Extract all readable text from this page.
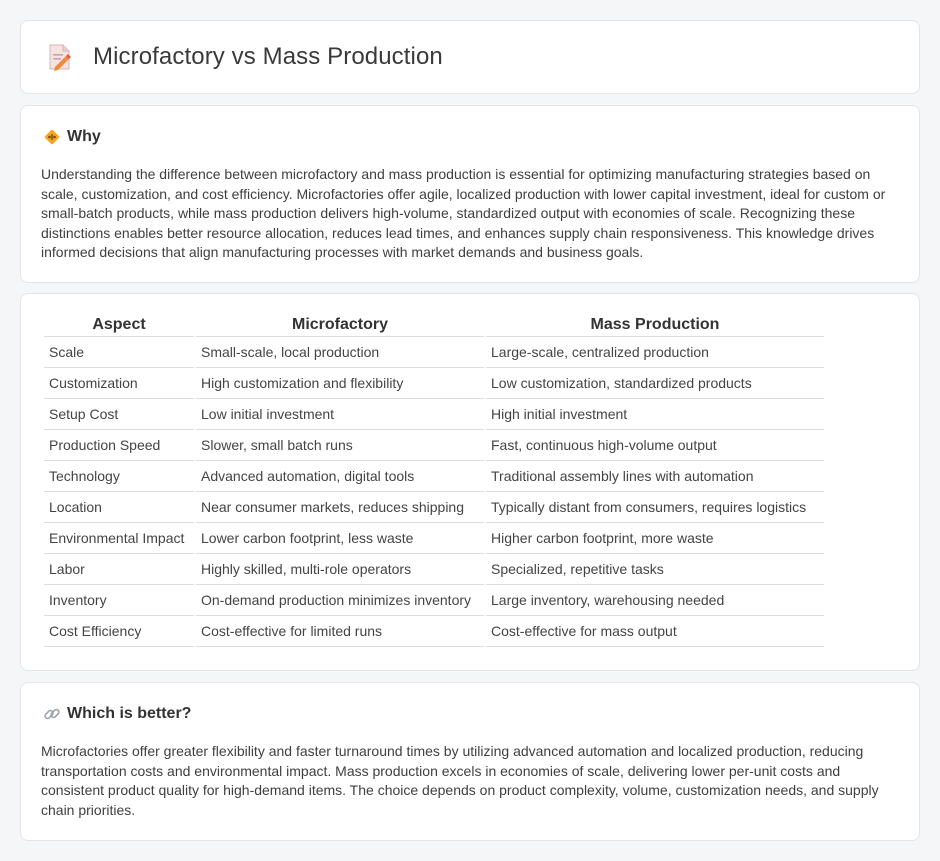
Microfactory vs Mass Production
Why

Understanding the difference between microfactory and mass production is essential for optimizing manufacturing strategies based on scale, customization, and cost efficiency. Microfactories offer agile, localized production with lower capital investment, ideal for custom or small-batch products, while mass production delivers high-volume, standardized output with economies of scale. Recognizing these distinctions enables better resource allocation, reduces lead times, and enhances supply chain responsiveness. This knowledge drives informed decisions that align manufacturing processes with market demands and business goals.

Aspect	Microfactory	Mass Production
Scale	Small-scale, local production	Large-scale, centralized production
Customization	High customization and flexibility	Low customization, standardized products
Setup Cost	Low initial investment	High initial investment
Production Speed	Slower, small batch runs	Fast, continuous high-volume output
Technology	Advanced automation, digital tools	Traditional assembly lines with automation
Location	Near consumer markets, reduces shipping	Typically distant from consumers, requires logistics
Environmental Impact	Lower carbon footprint, less waste	Higher carbon footprint, more waste
Labor	Highly skilled, multi-role operators	Specialized, repetitive tasks
Inventory	On-demand production minimizes inventory	Large inventory, warehousing needed
Cost Efficiency	Cost-effective for limited runs	Cost-effective for mass output
Which is better?

Microfactories offer greater flexibility and faster turnaround times by utilizing advanced automation and localized production, reducing transportation costs and environmental impact. Mass production excels in economies of scale, delivering lower per-unit costs and consistent product quality for high-demand items. The choice depends on product complexity, volume, customization needs, and supply chain priorities.
